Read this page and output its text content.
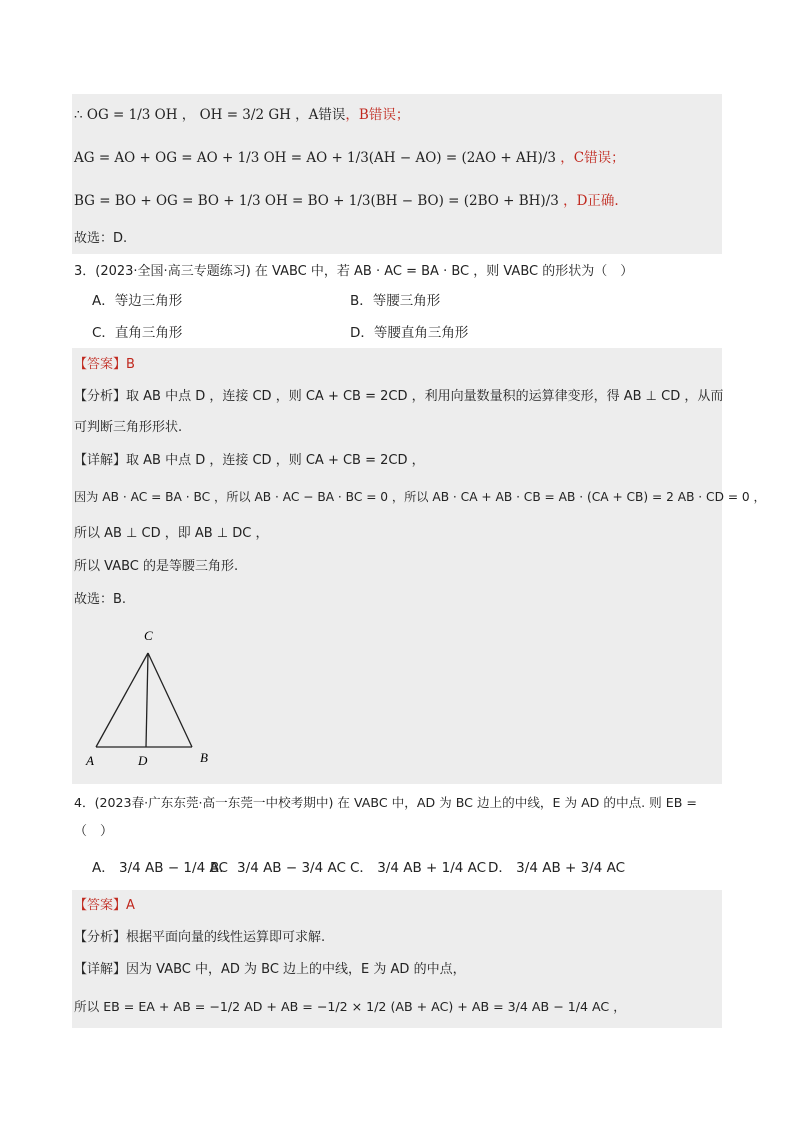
∴ OG = 1/3 OH ， OH = 3/2 GH ，A错误，B错误；
AG = AO + OG = AO + 1/3 OH = AO + 1/3(AH − AO) = (2AO + AH)/3 ，C错误；
BG = BO + OG = BO + 1/3 OH = BO + 1/3(BH − BO) = (2BO + BH)/3 ，D正确.
故选：D.
3．(2023·全国·高三专题练习) 在 VABC 中，若 AB · AC = BA · BC ，则 VABC 的形状为（　）
A．等边三角形	B．等腰三角形
C．直角三角形	D．等腰直角三角形
【答案】B
【分析】取 AB 中点 D ，连接 CD ，则 CA + CB = 2CD ，利用向量数量积的运算律变形，得 AB ⊥ CD ，从而
可判断三角形形状.
【详解】取 AB 中点 D ，连接 CD ，则 CA + CB = 2CD ，
因为 AB · AC = BA · BC ，所以 AB · AC − BA · BC = 0 ，所以 AB · CA + AB · CB = AB · (CA + CB) = 2 AB · CD = 0 ，
所以 AB ⊥ CD ，即 AB ⊥ DC ，
所以 VABC 的是等腰三角形.
故选：B.
C
A	D	B
4．(2023春·广东东莞·高一东莞一中校考期中) 在 VABC 中，AD 为 BC 边上的中线，E 为 AD 的中点. 则 EB =
（　）
A． 3/4 AB − 1/4 AC
B． 3/4 AB − 3/4 AC C． 3/4 AB + 1/4 AC D． 3/4 AB + 3/4 AC
【答案】A
【分析】根据平面向量的线性运算即可求解.
【详解】因为 VABC 中，AD 为 BC 边上的中线，E 为 AD 的中点，
所以 EB = EA + AB = −1/2 AD + AB = −1/2 × 1/2 (AB + AC) + AB = 3/4 AB − 1/4 AC ，
